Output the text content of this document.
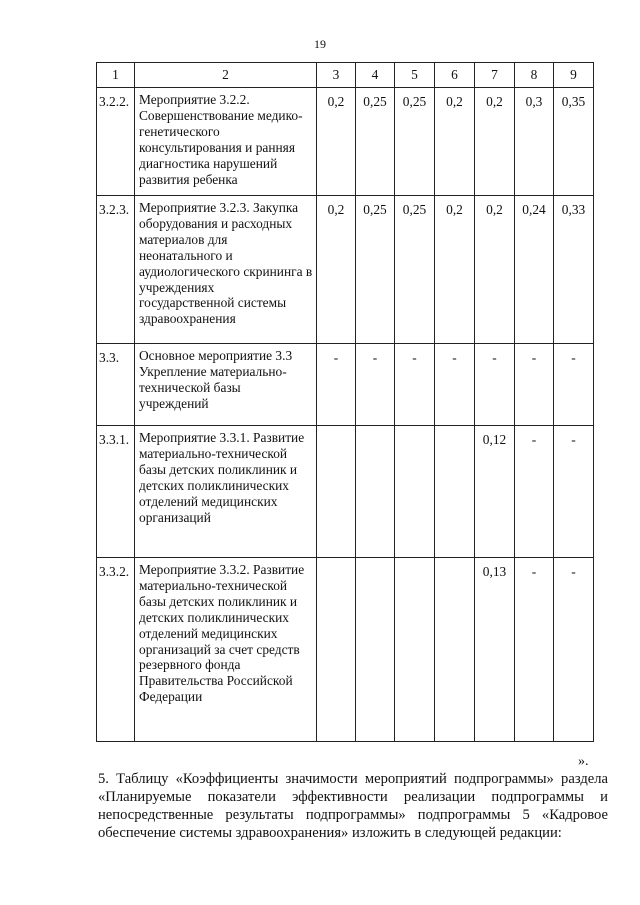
19
1	2	3	4	5	6	7	8	9
3.2.2.	Мероприятие 3.2.2. Совершенствование медико-генетического консультирования и ранняя диагностика нарушений развития ребенка	0,2	0,25	0,25	0,2	0,2	0,3	0,35
3.2.3.	Мероприятие 3.2.3. Закупка оборудования и расходных материалов для неонатального и аудиологического скрининга в учреждениях государственной системы здравоохранения	0,2	0,25	0,25	0,2	0,2	0,24	0,33
3.3.	Основное мероприятие 3.3 Укрепление материально-технической базы учреждений	-	-	-	-	-	-	-
3.3.1.	Мероприятие 3.3.1. Развитие материально-технической базы детских поликлиник и детских поликлинических отделений медицинских организаций					0,12	-	-
3.3.2.	Мероприятие 3.3.2. Развитие материально-технической базы детских поликлиник и детских поликлинических отделений медицинских организаций за счет средств резервного фонда Правительства Российской Федерации					0,13	-	-
».

5. Таблицу «Коэффициенты значимости мероприятий подпрограммы» раздела «Планируемые показатели эффективности реализации подпрограммы и непосредственные результаты подпрограммы» подпрограммы 5 «Кадровое обеспечение системы здравоохранения» изложить в следующей редакции:
